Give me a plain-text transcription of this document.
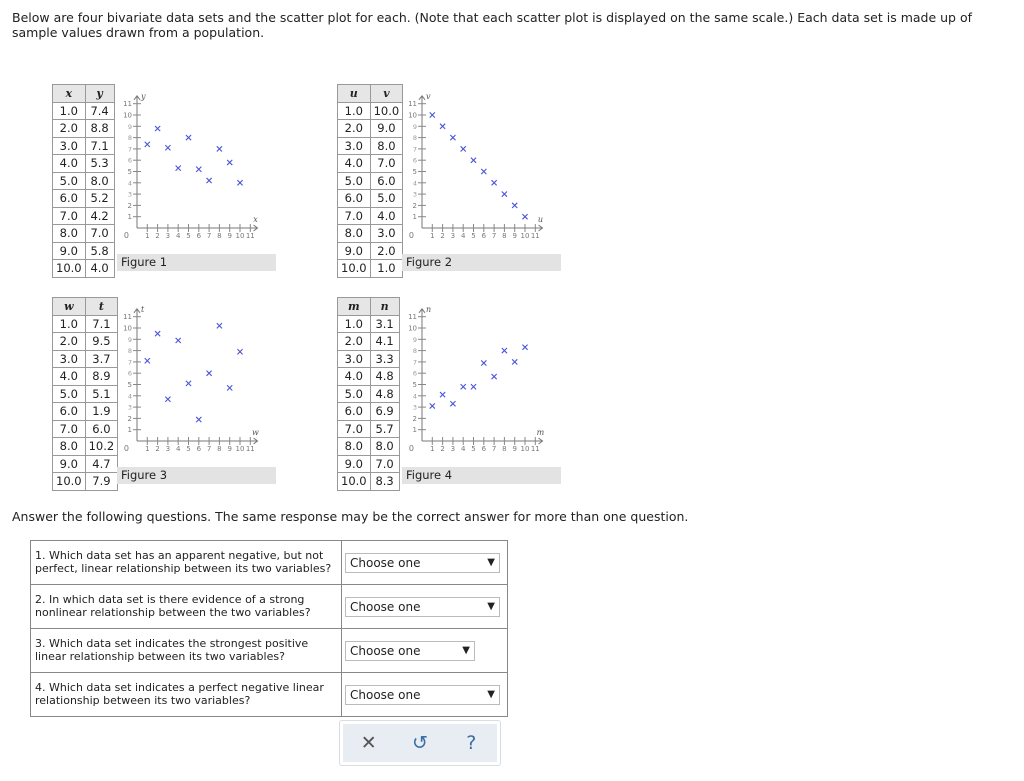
Below are four bivariate data sets and the scatter plot for each. (Note that each scatter plot is displayed on the same scale.) Each data set is made up of sample values drawn from a population.
x	y
1.0	7.4
2.0	8.8
3.0	7.1
4.0	5.3
5.0	8.0
6.0	5.2
7.0	4.2
8.0	7.0
9.0	5.8
10.0	4.0
1
1
2
2
3
3
4
4
5
5
6
6
7
7
8
8
9
9
10
10
11
11
0
x
y
Figure 1
u	v
1.0	10.0
2.0	9.0
3.0	8.0
4.0	7.0
5.0	6.0
6.0	5.0
7.0	4.0
8.0	3.0
9.0	2.0
10.0	1.0
1
1
2
2
3
3
4
4
5
5
6
6
7
7
8
8
9
9
10
10
11
11
0
u
v
Figure 2
w	t
1.0	7.1
2.0	9.5
3.0	3.7
4.0	8.9
5.0	5.1
6.0	1.9
7.0	6.0
8.0	10.2
9.0	4.7
10.0	7.9
1
1
2
2
3
3
4
4
5
5
6
6
7
7
8
8
9
9
10
10
11
11
0
w
t
Figure 3
m	n
1.0	3.1
2.0	4.1
3.0	3.3
4.0	4.8
5.0	4.8
6.0	6.9
7.0	5.7
8.0	8.0
9.0	7.0
10.0	8.3
1
1
2
2
3
3
4
4
5
5
6
6
7
7
8
8
9
9
10
10
11
11
0
m
n
Figure 4
Answer the following questions. The same response may be the correct answer for more than one question.
1. Which data set has an apparent negative, but not perfect, linear relationship between its two variables?	Choose one ▼

2. In which data set is there evidence of a strong nonlinear relationship between the two variables?	Choose one ▼

3. Which data set indicates the strongest positive linear relationship between its two variables?	Choose one ▼

4. Which data set indicates a perfect negative linear relationship between its two variables?	Choose one ▼
✕	↺	?
